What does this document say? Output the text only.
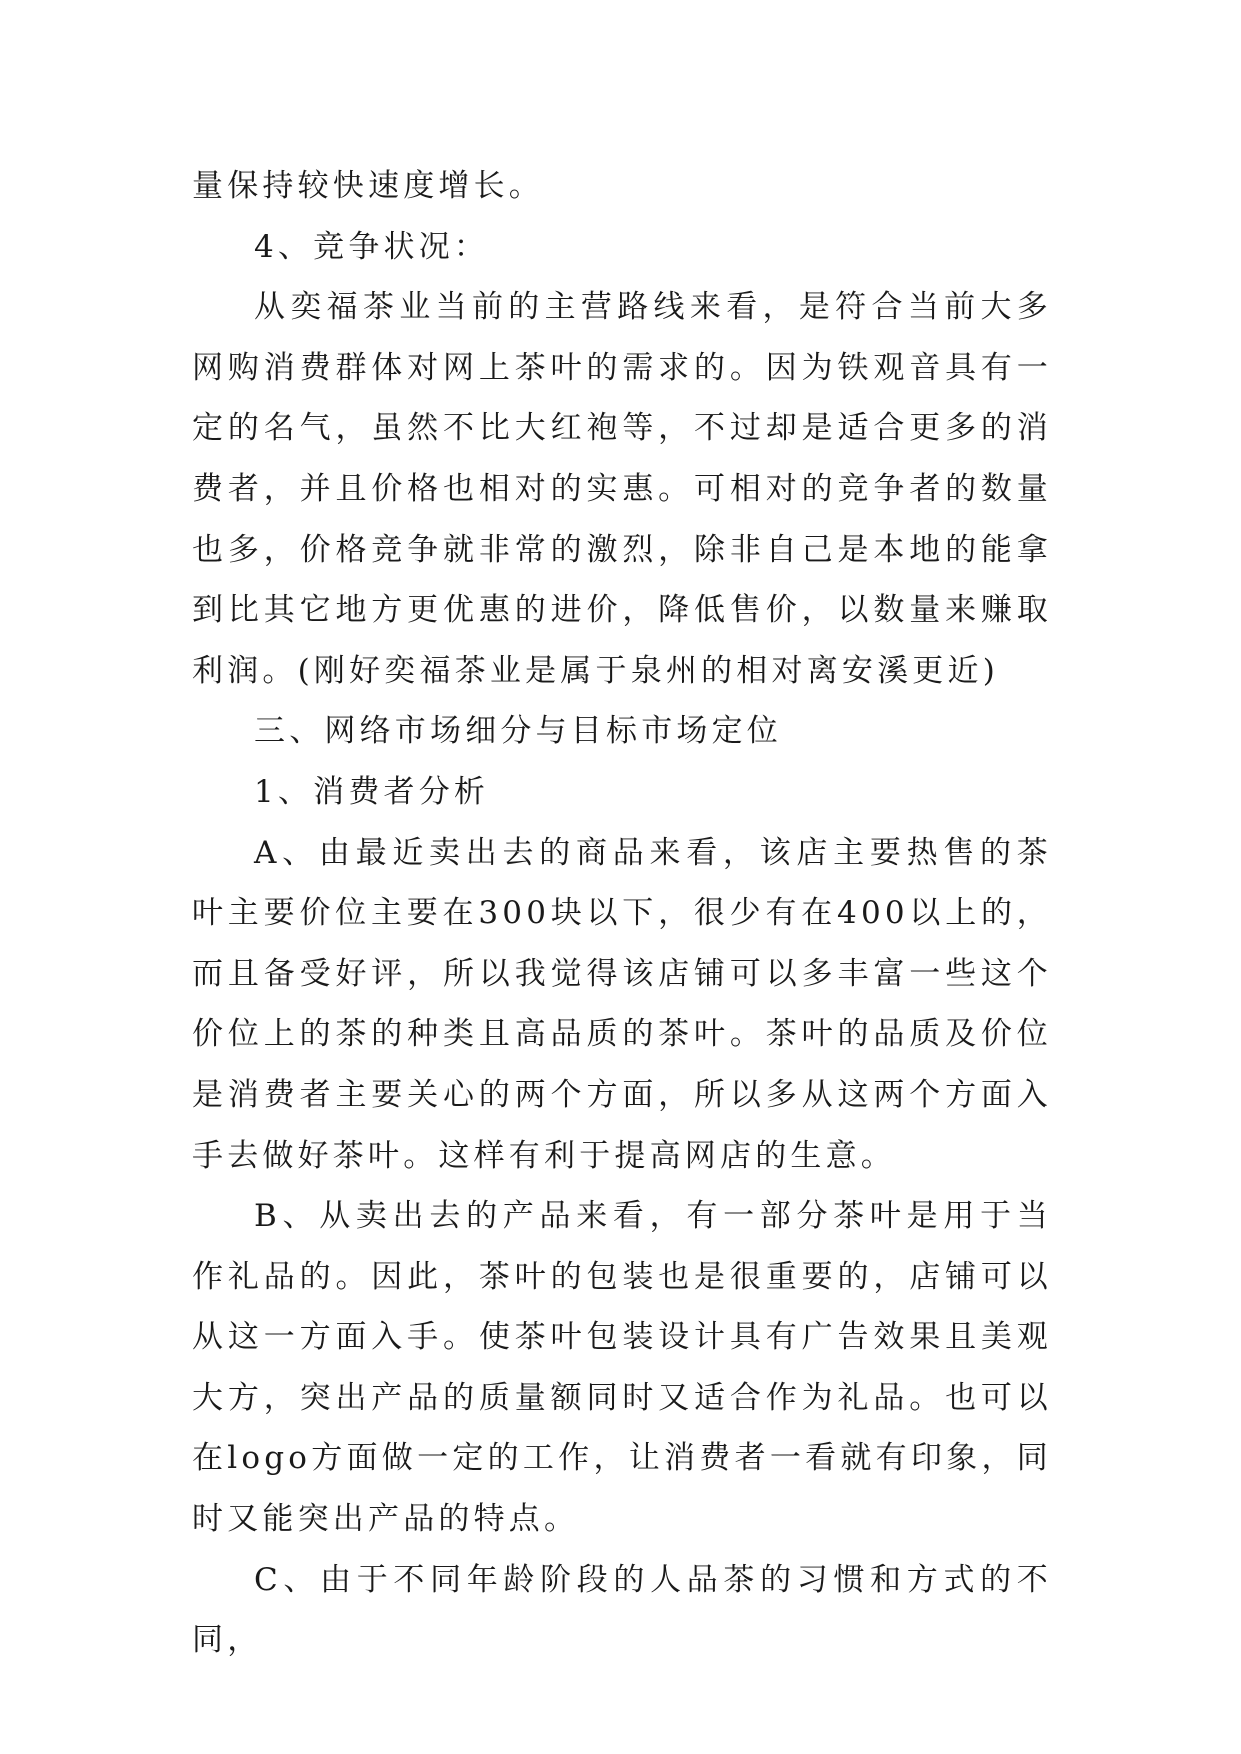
量保持较快速度增长。

4、竞争状况：

从奕福茶业当前的主营路线来看，是符合当前大多网购消费群体对网上茶叶的需求的。因为铁观音具有一定的名气，虽然不比大红袍等，不过却是适合更多的消费者，并且价格也相对的实惠。可相对的竞争者的数量也多，价格竞争就非常的激烈，除非自己是本地的能拿到比其它地方更优惠的进价，降低售价，以数量来赚取利润。(刚好奕福茶业是属于泉州的相对离安溪更近)

三、网络市场细分与目标市场定位

1、消费者分析

A、由最近卖出去的商品来看，该店主要热售的茶叶主要价位主要在300块以下，很少有在400以上的，而且备受好评，所以我觉得该店铺可以多丰富一些这个价位上的茶的种类且高品质的茶叶。茶叶的品质及价位是消费者主要关心的两个方面，所以多从这两个方面入手去做好茶叶。这样有利于提高网店的生意。

B、从卖出去的产品来看，有一部分茶叶是用于当作礼品的。因此，茶叶的包装也是很重要的，店铺可以从这一方面入手。使茶叶包装设计具有广告效果且美观大方，突出产品的质量额同时又适合作为礼品。也可以在logo方面做一定的工作，让消费者一看就有印象，同时又能突出产品的特点。

C、由于不同年龄阶段的人品茶的习惯和方式的不同，
